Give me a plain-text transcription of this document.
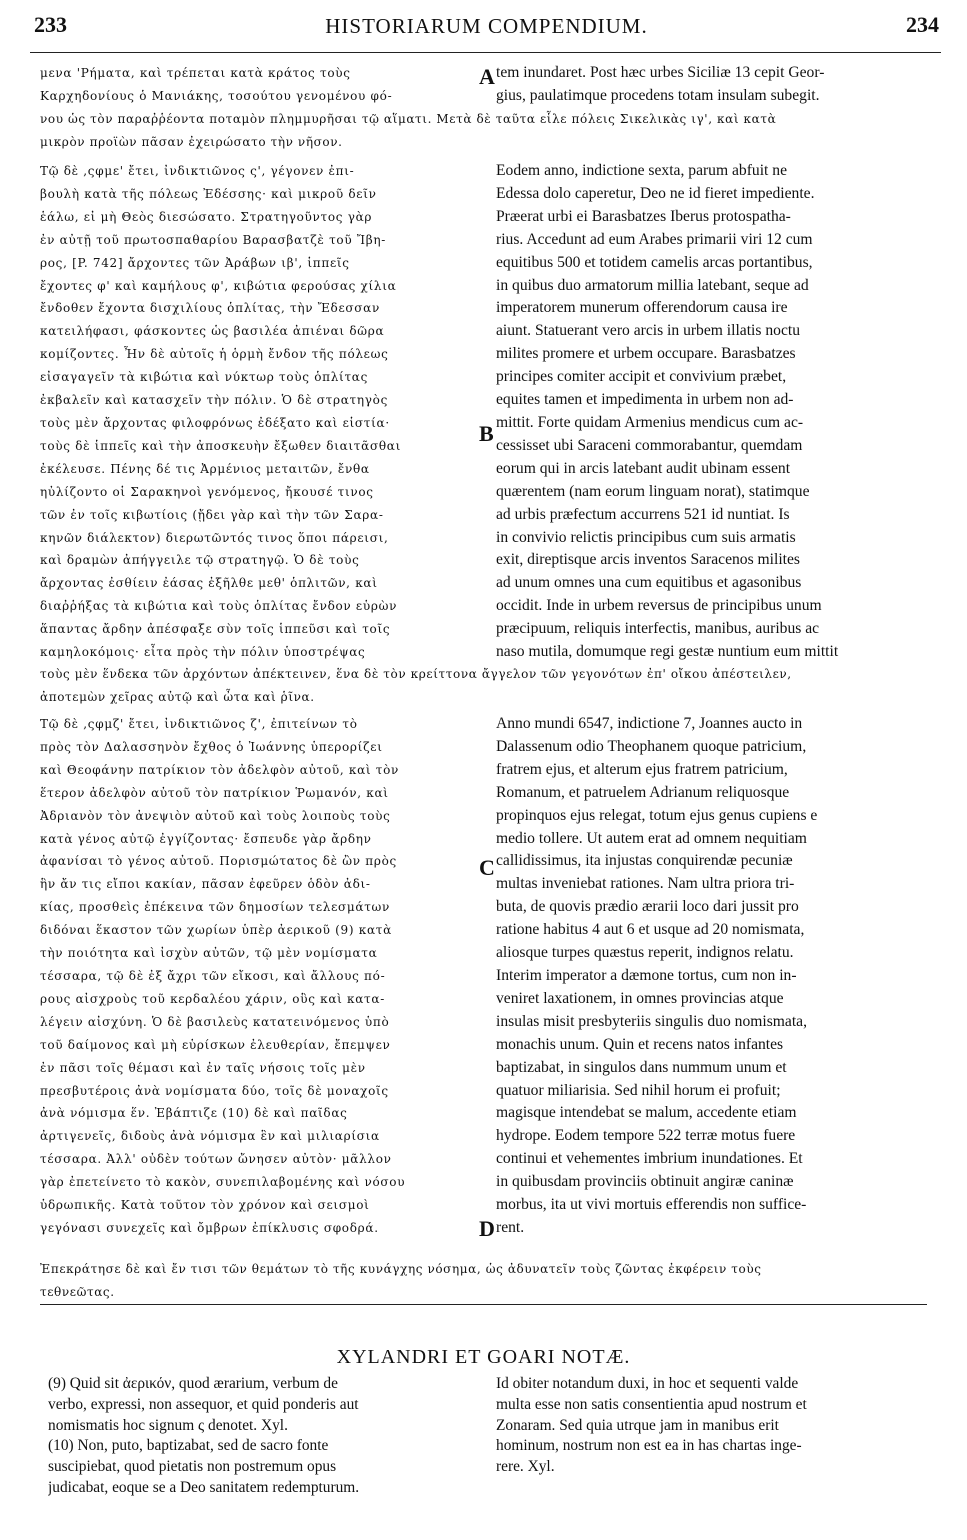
233	HISTORIARUM COMPENDIUM.	234
μενα 'Ρήματα, καὶ τρέπεται κατὰ κράτος τοὺς
Καρχηδονίους ὁ Μανιάκης, τοσούτου γενομένου φό-
A tem inundaret. Post hæc urbes Siciliæ 13 cepit Geor-
gius, paulatimque procedens totam insulam subegit.
νου ὡς τὸν παραῤῥέοντα ποταμὸν πλημμυρῆσαι τῷ αἵματι. Μετὰ δὲ ταῦτα εἷλε πόλεις Σικελικὰς ιγ', καὶ κατὰ
μικρὸν προϊὼν πᾶσαν ἐχειρώσατο τὴν νῆσον.
Τῷ δὲ ,ςφμε' ἔτει, ἰνδικτιῶνος ς', γέγονεν ἐπι-
βουλὴ κατὰ τῆς πόλεως Ἐδέσσης· καὶ μικροῦ δεῖν
ἑάλω, εἰ μὴ Θεὸς διεσώσατο. Στρατηγοῦντος γὰρ
ἐν αὐτῇ τοῦ πρωτοσπαθαρίου Βαρασβατζὲ τοῦ Ἴβη-
ρος, [P. 742] ἄρχοντες τῶν Ἀράβων ιβ', ἱππεῖς
ἔχοντες φ' καὶ καμήλους φ', κιβώτια φερούσας χίλια
ἔνδοθεν ἔχοντα δισχιλίους ὁπλίτας, τὴν Ἔδεσσαν
κατειλήφασι, φάσκοντες ὡς βασιλέα ἀπιέναι δῶρα
κομίζοντες. Ἦν δὲ αὐτοῖς ἡ ὁρμὴ ἔνδον τῆς πόλεως
εἰσαγαγεῖν τὰ κιβώτια καὶ νύκτωρ τοὺς ὁπλίτας
ἐκβαλεῖν καὶ κατασχεῖν τὴν πόλιν. Ὁ δὲ στρατηγὸς
τοὺς μὲν ἄρχοντας φιλοφρόνως ἐδέξατο καὶ εἱστία·
τοὺς δὲ ἱππεῖς καὶ τὴν ἀποσκευὴν ἔξωθεν διαιτᾶσθαι
ἐκέλευσε. Πένης δέ τις Ἀρμένιος μεταιτῶν, ἔνθα
ηὐλίζοντο οἱ Σαρακηνοὶ γενόμενος, ἤκουσέ τινος
τῶν ἐν τοῖς κιβωτίοις (ᾔδει γὰρ καὶ τὴν τῶν Σαρα-
κηνῶν διάλεκτον) διερωτῶντός τινος ὅποι πάρεισι,
καὶ δραμὼν ἀπήγγειλε τῷ στρατηγῷ. Ὁ δὲ τοὺς
ἄρχοντας ἐσθίειν ἐάσας ἐξῆλθε μεθ' ὁπλιτῶν, καὶ
διαῤῥήξας τὰ κιβώτια καὶ τοὺς ὁπλίτας ἔνδον εὑρὼν
ἅπαντας ἄρδην ἀπέσφαξε σὺν τοῖς ἱππεῦσι καὶ τοῖς
καμηλοκόμοις· εἶτα πρὸς τὴν πόλιν ὑποστρέψας
B
Eodem anno, indictione sexta, parum abfuit ne
Edessa dolo caperetur, Deo ne id fieret impediente.
Præerat urbi ei Barasbatzes Iberus protospatha-
rius. Accedunt ad eum Arabes primarii viri 12 cum
equitibus 500 et totidem camelis arcas portantibus,
in quibus duo armatorum millia latebant, seque ad
imperatorem munerum offerendorum causa ire
aiunt. Statuerant vero arcis in urbem illatis noctu
milites promere et urbem occupare. Barasbatzes
principes comiter accipit et convivium præbet,
equites tamen et impedimenta in urbem non ad-
mittit. Forte quidam Armenius mendicus cum ac-
cessisset ubi Saraceni commorabantur, quemdam
eorum qui in arcis latebant audit ubinam essent
quærentem (nam eorum linguam norat), statimque
ad urbis præfectum accurrens 521 id nuntiat. Is
in convivio relictis principibus cum suis armatis
exit, direptisque arcis inventos Saracenos milites
ad unum omnes una cum equitibus et agasonibus
occidit. Inde in urbem reversus de principibus unum
præcipuum, reliquis interfectis, manibus, auribus ac
naso mutila, domumque regi gestæ nuntium eum mittit
τοὺς μὲν ἕνδεκα τῶν ἀρχόντων ἀπέκτεινεν, ἕνα δὲ τὸν κρείττονα ἄγγελον τῶν γεγονότων ἐπ' οἴκου ἀπέστειλεν,
ἀποτεμὼν χεῖρας αὐτῷ καὶ ὦτα καὶ ῥῖνα.
Τῷ δὲ ,ςφμζ' ἔτει, ἰνδικτιῶνος ζ', ἐπιτείνων τὸ
πρὸς τὸν Δαλασσηνὸν ἔχθος ὁ Ἰωάννης ὑπερορίζει
καὶ Θεοφάνην πατρίκιον τὸν ἀδελφὸν αὐτοῦ, καὶ τὸν
ἕτερον ἀδελφὸν αὐτοῦ τὸν πατρίκιον Ῥωμανόν, καὶ
Ἀδριανὸν τὸν ἀνεψιὸν αὐτοῦ καὶ τοὺς λοιποὺς τοὺς
κατὰ γένος αὐτῷ ἐγγίζοντας· ἔσπευδε γὰρ ἄρδην
ἀφανίσαι τὸ γένος αὐτοῦ. Πορισμώτατος δὲ ὢν πρὸς
ἣν ἄν τις εἴποι κακίαν, πᾶσαν ἐφεῦρεν ὁδὸν ἀδι-
κίας, προσθεὶς ἐπέκεινα τῶν δημοσίων τελεσμάτων
διδόναι ἕκαστον τῶν χωρίων ὑπὲρ ἀερικοῦ (9) κατὰ
τὴν ποιότητα καὶ ἰσχὺν αὐτῶν, τῷ μὲν νομίσματα
τέσσαρα, τῷ δὲ ἐξ ἄχρι τῶν εἴκοσι, καὶ ἄλλους πό-
ρους αἰσχροὺς τοῦ κερδαλέου χάριν, οὓς καὶ κατα-
λέγειν αἰσχύνη. Ὁ δὲ βασιλεὺς κατατεινόμενος ὑπὸ
τοῦ δαίμονος καὶ μὴ εὑρίσκων ἐλευθερίαν, ἔπεμψεν
ἐν πᾶσι τοῖς θέμασι καὶ ἐν ταῖς νήσοις τοῖς μὲν
πρεσβυτέροις ἀνὰ νομίσματα δύο, τοῖς δὲ μοναχοῖς
ἀνὰ νόμισμα ἕν. Ἐβάπτιζε (10) δὲ καὶ παῖδας
ἀρτιγενεῖς, διδοὺς ἀνὰ νόμισμα ἓν καὶ μιλιαρίσια
τέσσαρα. Ἀλλ' οὐδὲν τούτων ὤνησεν αὐτὸν· μᾶλλον
γὰρ ἐπετείνετο τὸ κακὸν, συνεπιλαβομένης καὶ νόσου
ὑδρωπικῆς. Κατὰ τοῦτον τὸν χρόνον καὶ σεισμοὶ
γεγόνασι συνεχεῖς καὶ ὄμβρων ἐπίκλυσις σφοδρά.
C
D
Anno mundi 6547, indictione 7, Joannes aucto in
Dalassenum odio Theophanem quoque patricium,
fratrem ejus, et alterum ejus fratrem patricium,
Romanum, et patruelem Adrianum reliquosque
propinquos ejus relegat, totum ejus genus cupiens e
medio tollere. Ut autem erat ad omnem nequitiam
callidissimus, ita injustas conquirendæ pecuniæ
multas inveniebat rationes. Nam ultra priora tri-
buta, de quovis prædio ærarii loco dari jussit pro
ratione habitus 4 aut 6 et usque ad 20 nomismata,
aliosque turpes quæstus reperit, indignos relatu.
Interim imperator a dæmone tortus, cum non in-
veniret laxationem, in omnes provincias atque
insulas misit presbyteriis singulis duo nomismata,
monachis unum. Quin et recens natos infantes
baptizabat, in singulos dans nummum unum et
quatuor miliarisia. Sed nihil horum ei profuit;
magisque intendebat se malum, accedente etiam
hydrope. Eodem tempore 522 terræ motus fuere
continui et vehementes imbrium inundationes. Et
in quibusdam provinciis obtinuit angiræ caninæ
morbus, ita ut vivi mortuis efferendis non suffice-
rent.
Ἐπεκράτησε δὲ καὶ ἔν τισι τῶν θεμάτων τὸ τῆς κυνάγχης νόσημα, ὡς ἀδυνατεῖν τοὺς ζῶντας ἐκφέρειν τοὺς
τεθνεῶτας.
XYLANDRI ET GOARI NOTÆ.
(9) Quid sit ἀερικόν, quod ærarium, verbum de
verbo, expressi, non assequor, et quid ponderis aut
nomismatis hoc signum ς denotet. Xyl.
(10) Non, puto, baptizabat, sed de sacro fonte
suscipiebat, quod pietatis non postremum opus
judicabat, eoque se a Deo sanitatem redempturum.
Id obiter notandum duxi, in hoc et sequenti valde
multa esse non satis consentientia apud nostrum et
Zonaram. Sed quia utrque jam in manibus erit
hominum, nostrum non est ea in has chartas inge-
rere. Xyl.
